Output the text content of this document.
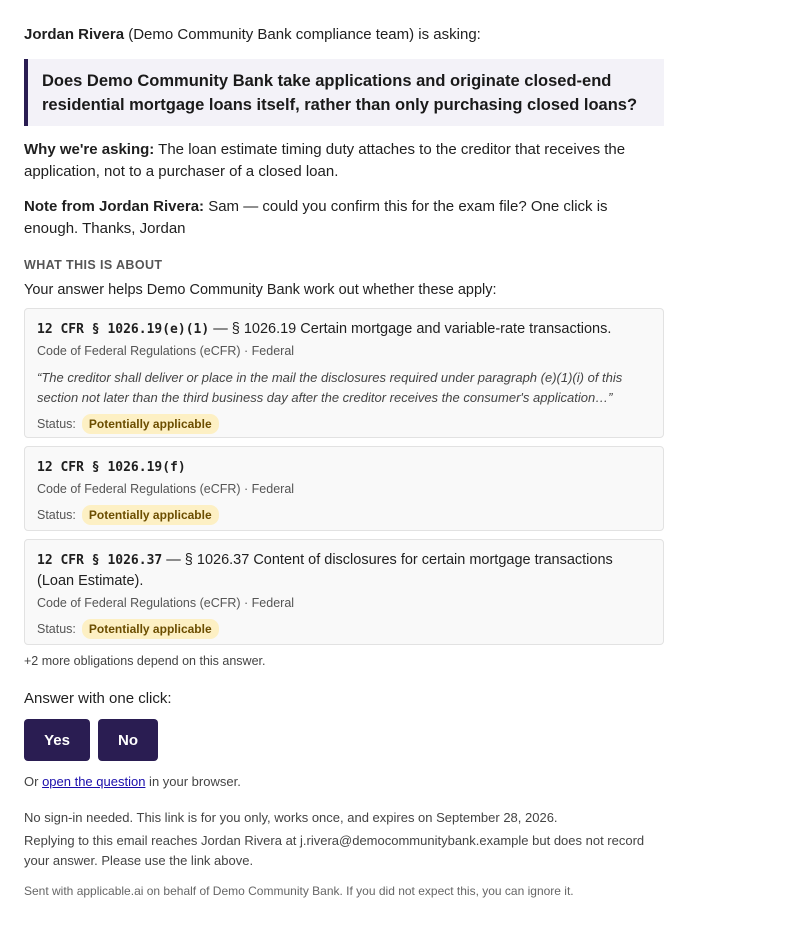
Jordan Rivera (Demo Community Bank compliance team) is asking:
Does Demo Community Bank take applications and originate closed-end residential mortgage loans itself, rather than only purchasing closed loans?
Why we're asking: The loan estimate timing duty attaches to the creditor that receives the application, not to a purchaser of a closed loan.
Note from Jordan Rivera: Sam — could you confirm this for the exam file? One click is enough. Thanks, Jordan
WHAT THIS IS ABOUT
Your answer helps Demo Community Bank work out whether these apply:
12 CFR § 1026.19(e)(1) — § 1026.19 Certain mortgage and variable-rate transactions.
Code of Federal Regulations (eCFR) · Federal
“The creditor shall deliver or place in the mail the disclosures required under paragraph (e)(1)(i) of this section not later than the third business day after the creditor receives the consumer's application…”
Status:	Potentially applicable
12 CFR § 1026.19(f)
Code of Federal Regulations (eCFR) · Federal
Status:	Potentially applicable
12 CFR § 1026.37 — § 1026.37 Content of disclosures for certain mortgage transactions (Loan Estimate).
Code of Federal Regulations (eCFR) · Federal
Status:	Potentially applicable
+2 more obligations depend on this answer.
Answer with one click:
Yes	No
Or open the question in your browser.
No sign-in needed. This link is for you only, works once, and expires on September 28, 2026.
Replying to this email reaches Jordan Rivera at j.rivera@democommunitybank.example but does not record your answer. Please use the link above.
Sent with applicable.ai on behalf of Demo Community Bank. If you did not expect this, you can ignore it.
